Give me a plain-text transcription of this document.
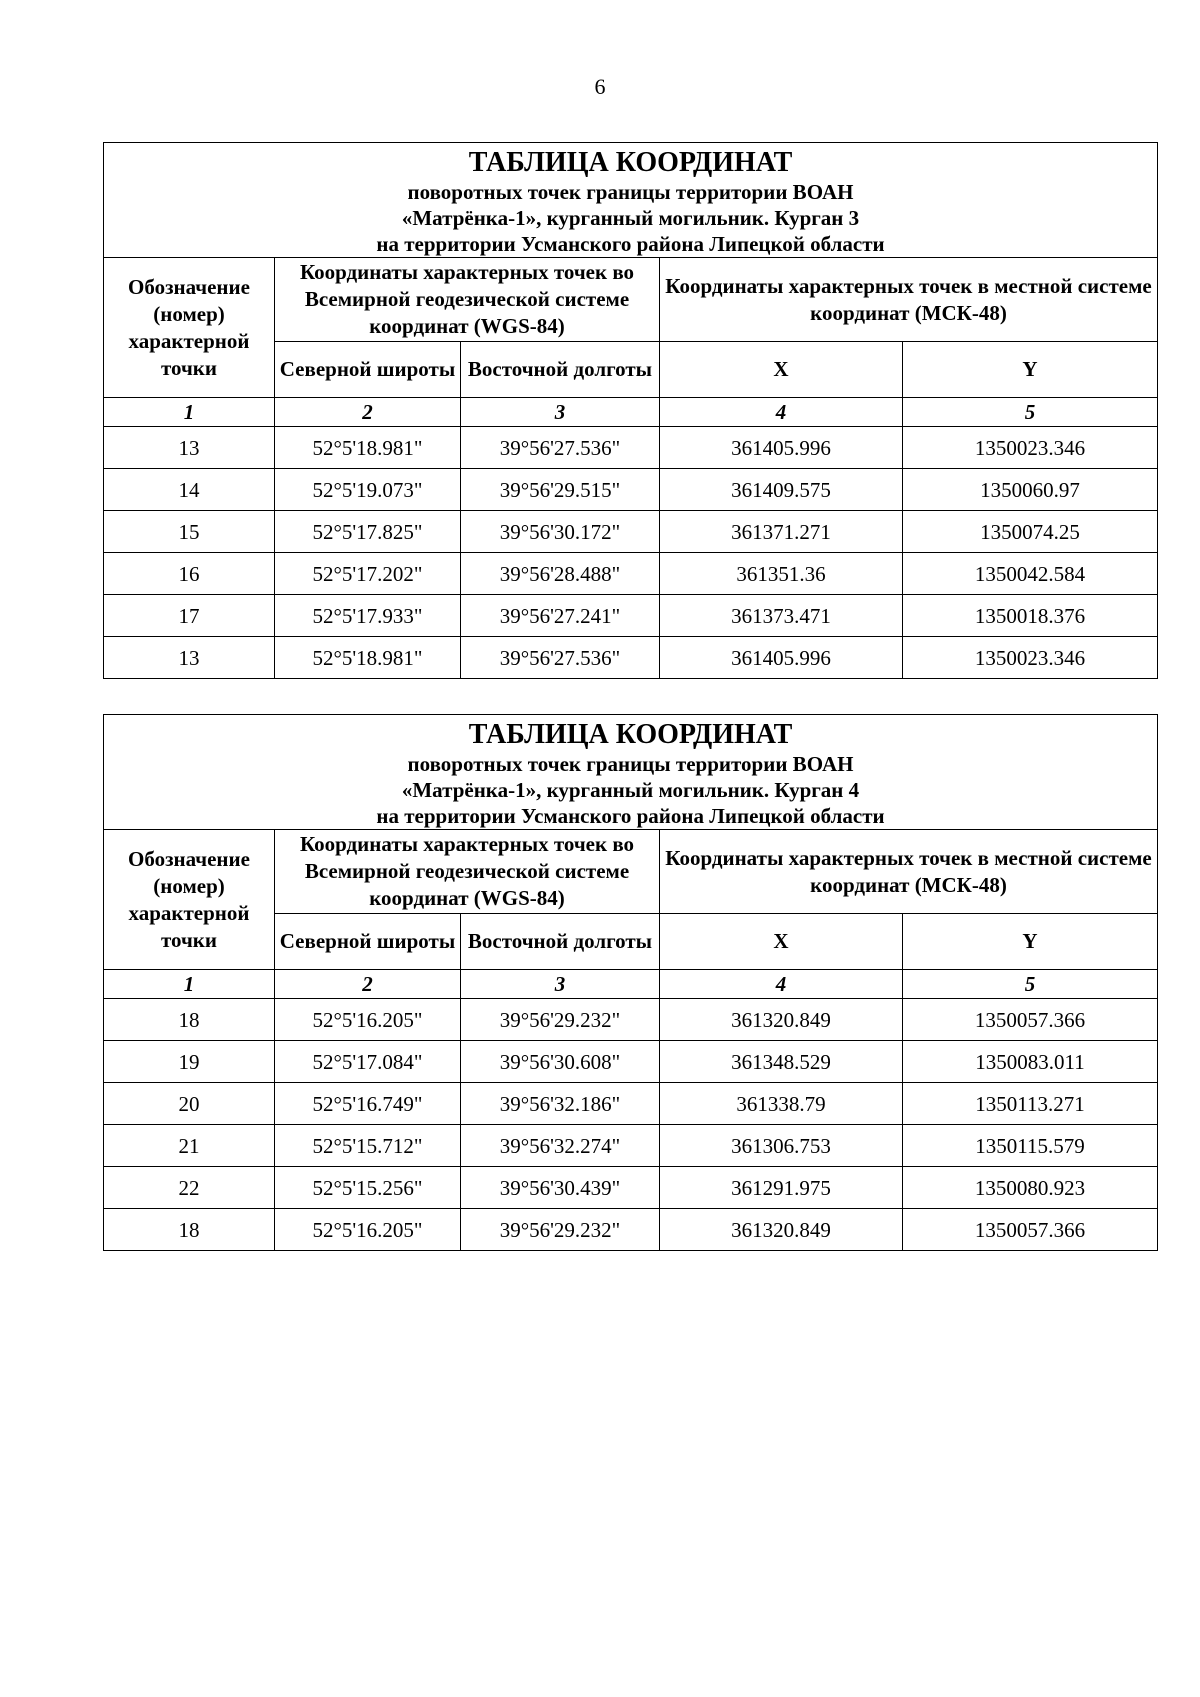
6
ТАБЛИЦА КООРДИНАТ
поворотных точек границы территории ВОАН
«Матрёнка-1», курганный могильник. Курган 3
на территории Усманского района Липецкой области				

Обозначение (номер) характерной точки	Координаты характерных точек во Всемирной геодезической системе координат (WGS-84)		Координаты характерных точек в местной системе координат (МСК-48)	
	Северной широты	Восточной долготы	X	Y
1	2	3	4	5
13	52°5'18.981"	39°56'27.536"	361405.996	1350023.346
14	52°5'19.073"	39°56'29.515"	361409.575	1350060.97
15	52°5'17.825"	39°56'30.172"	361371.271	1350074.25
16	52°5'17.202"	39°56'28.488"	361351.36	1350042.584
17	52°5'17.933"	39°56'27.241"	361373.471	1350018.376
13	52°5'18.981"	39°56'27.536"	361405.996	1350023.346
ТАБЛИЦА КООРДИНАТ
поворотных точек границы территории ВОАН
«Матрёнка-1», курганный могильник. Курган 4
на территории Усманского района Липецкой области				

Обозначение (номер) характерной точки	Координаты характерных точек во Всемирной геодезической системе координат (WGS-84)		Координаты характерных точек в местной системе координат (МСК-48)	
	Северной широты	Восточной долготы	X	Y
1	2	3	4	5
18	52°5'16.205"	39°56'29.232"	361320.849	1350057.366
19	52°5'17.084"	39°56'30.608"	361348.529	1350083.011
20	52°5'16.749"	39°56'32.186"	361338.79	1350113.271
21	52°5'15.712"	39°56'32.274"	361306.753	1350115.579
22	52°5'15.256"	39°56'30.439"	361291.975	1350080.923
18	52°5'16.205"	39°56'29.232"	361320.849	1350057.366
